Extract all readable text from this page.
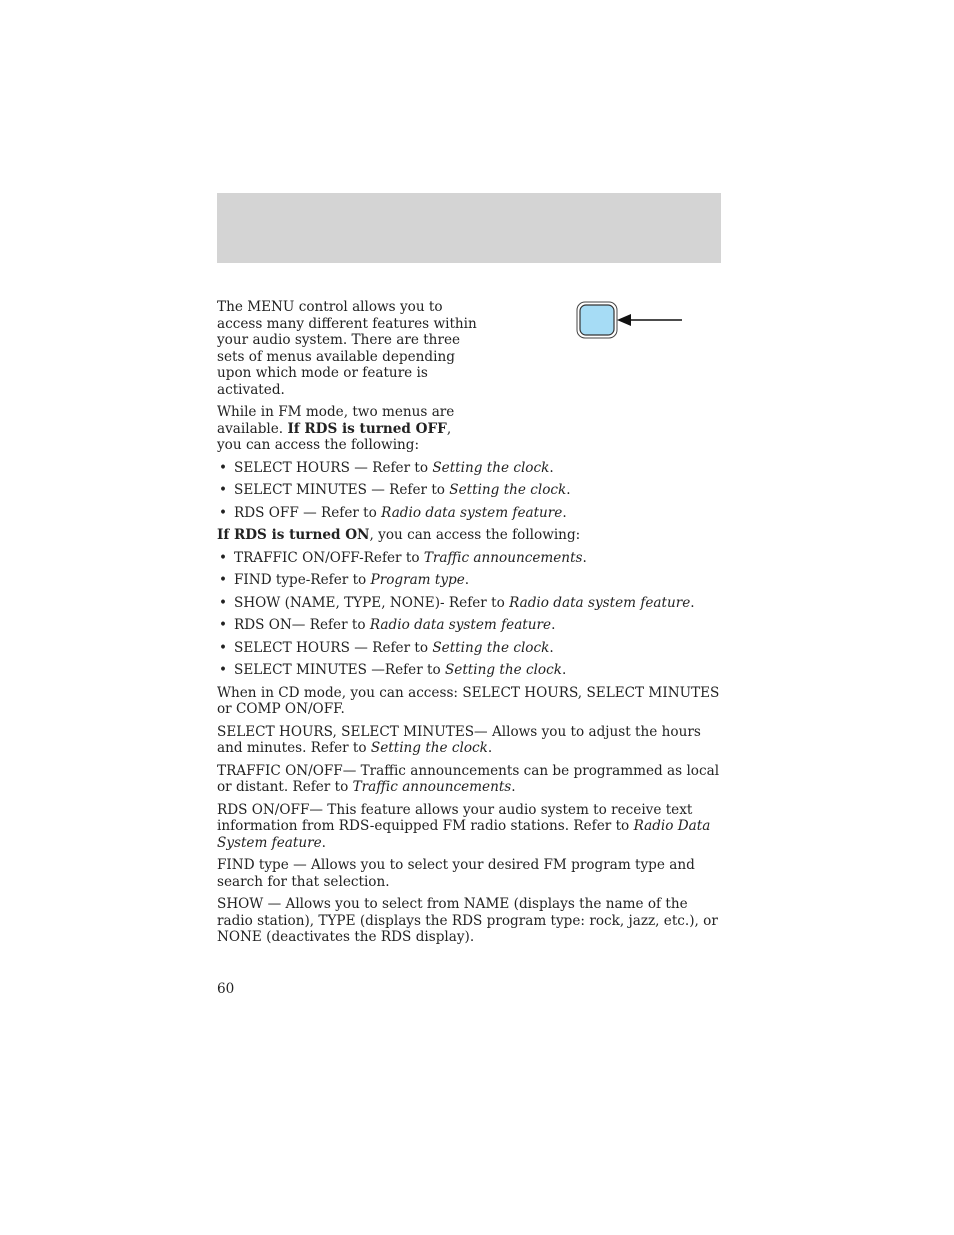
The MENU control allows you to access many different features within your audio system. There are three sets of menus available depending upon which mode or feature is activated.

While in FM mode, two menus are available. If RDS is turned OFF, you can access the following:

• SELECT HOURS — Refer to Setting the clock.
• SELECT MINUTES — Refer to Setting the clock.
• RDS OFF — Refer to Radio data system feature.

If RDS is turned ON, you can access the following:

• TRAFFIC ON/OFF-Refer to Traffic announcements.
• FIND type-Refer to Program type.
• SHOW (NAME, TYPE, NONE)- Refer to Radio data system feature.
• RDS ON— Refer to Radio data system feature.
• SELECT HOURS — Refer to Setting the clock.
• SELECT MINUTES —Refer to Setting the clock.

When in CD mode, you can access: SELECT HOURS, SELECT MINUTES or COMP ON/OFF.

SELECT HOURS, SELECT MINUTES— Allows you to adjust the hours and minutes. Refer to Setting the clock.

TRAFFIC ON/OFF— Traffic announcements can be programmed as local or distant. Refer to Traffic announcements.

RDS ON/OFF— This feature allows your audio system to receive text information from RDS-equipped FM radio stations. Refer to Radio Data System feature.

FIND type — Allows you to select your desired FM program type and search for that selection.

SHOW — Allows you to select from NAME (displays the name of the radio station), TYPE (displays the RDS program type: rock, jazz, etc.), or NONE (deactivates the RDS display).

60
